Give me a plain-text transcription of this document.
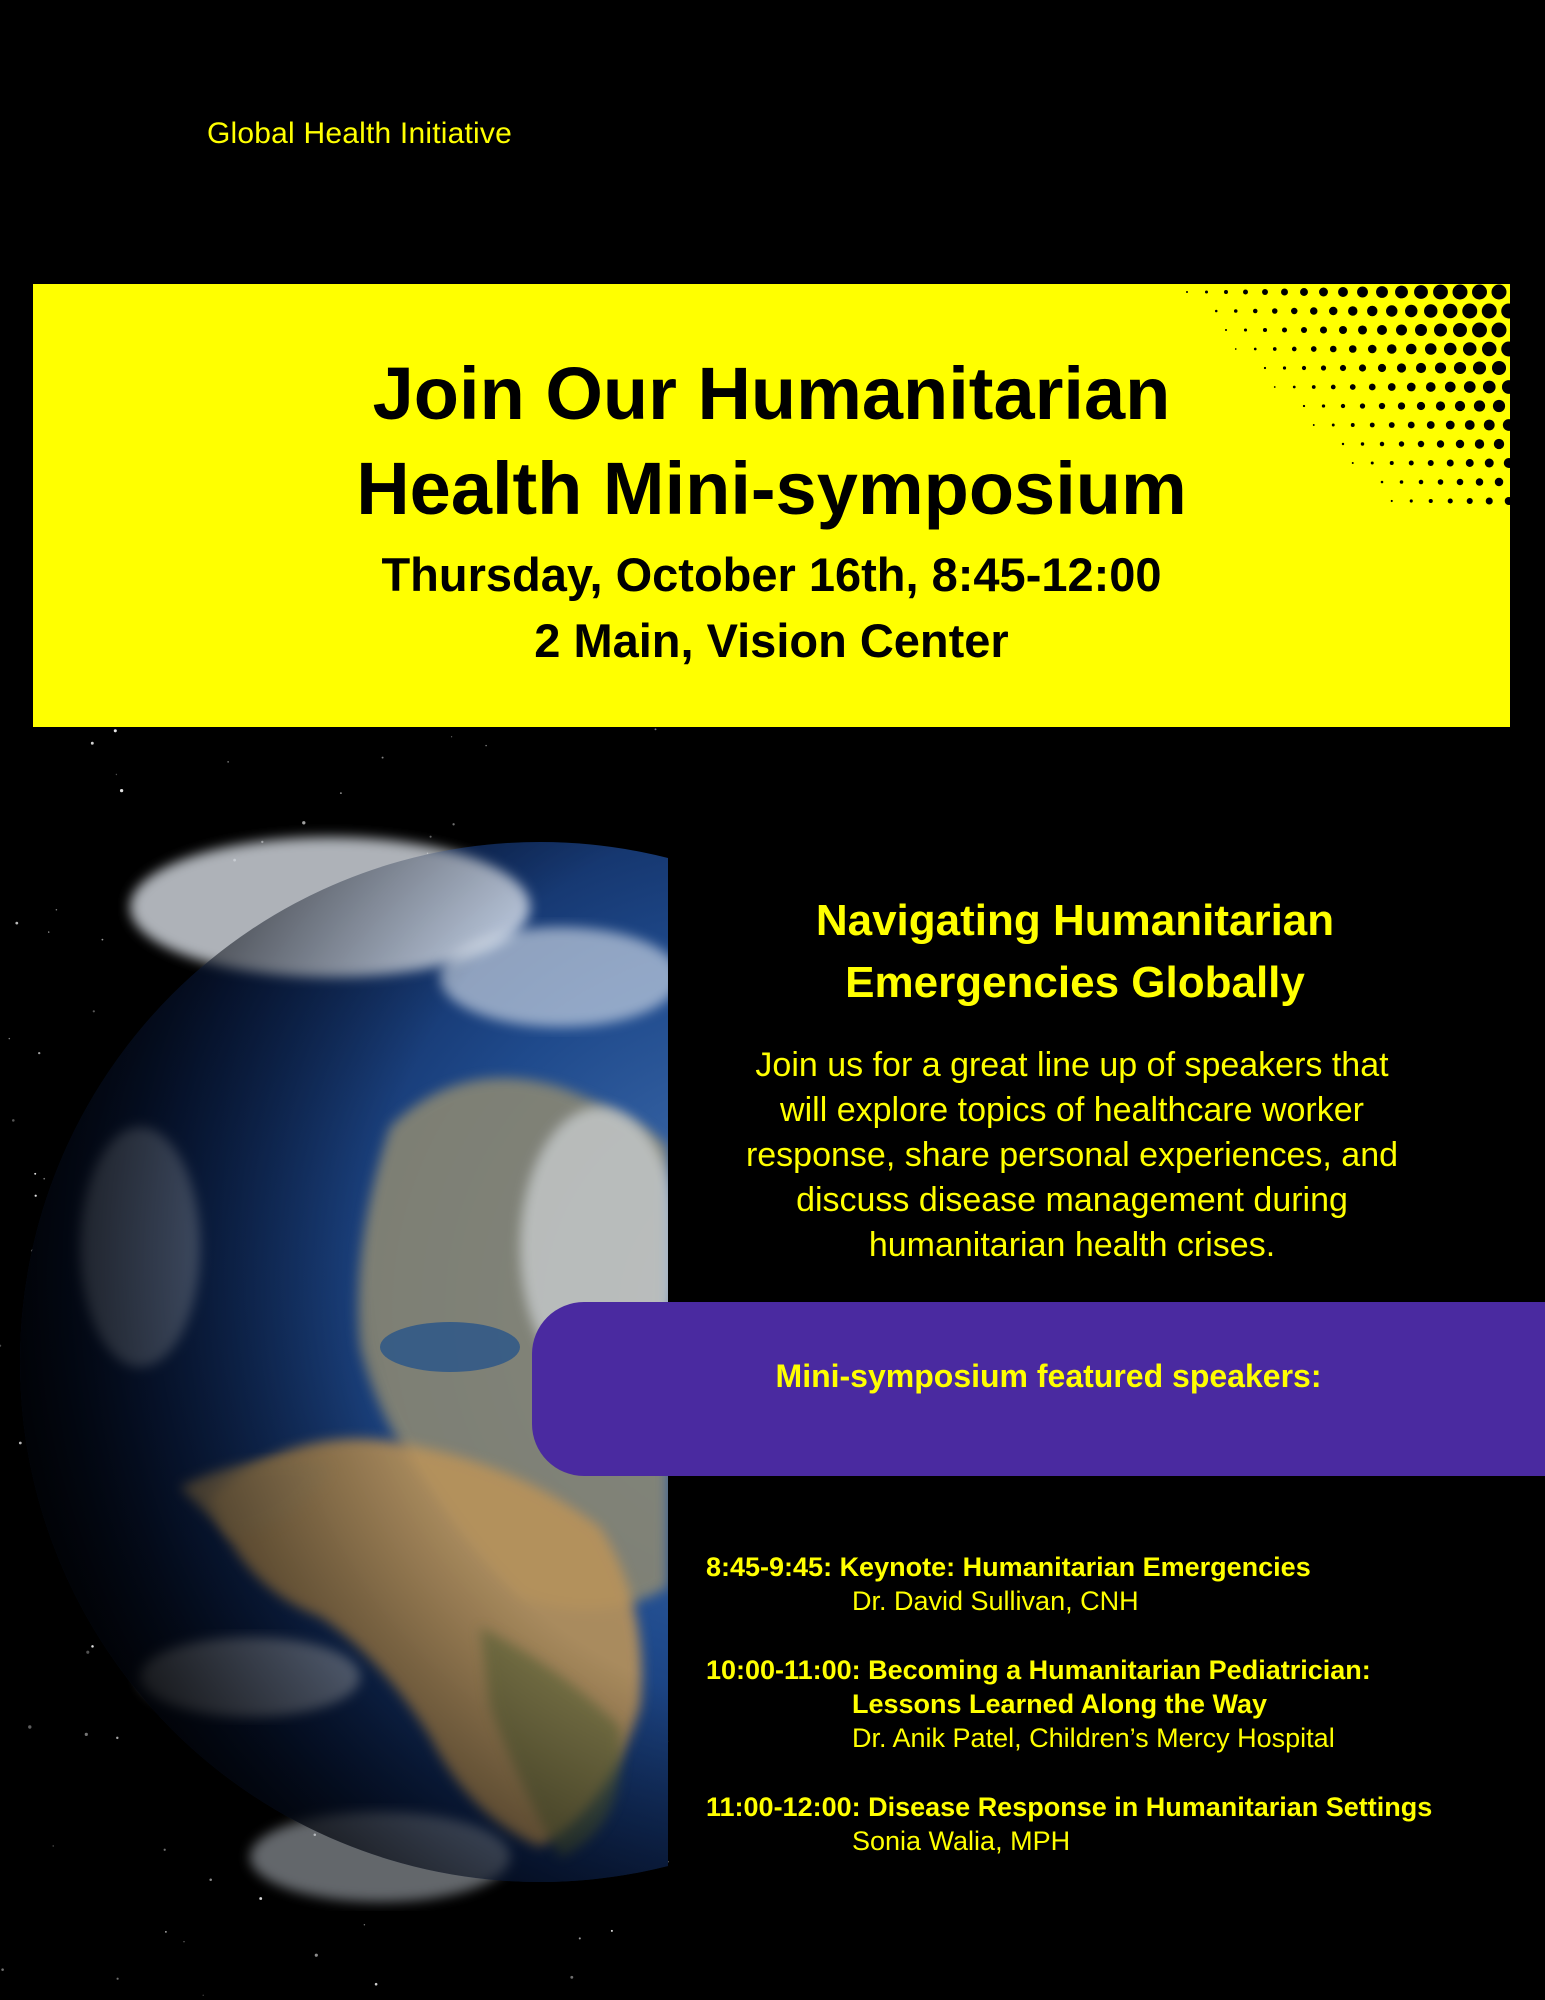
Global Health Initiative

Join Our Humanitarian
Health Mini-symposium

Thursday, October 16th, 8:45-12:00

2 Main, Vision Center

Navigating Humanitarian
Emergencies Globally
Join us for a great line up of speakers that
will explore topics of healthcare worker
response, share personal experiences, and
discuss disease management during
humanitarian health crises.
Mini-symposium featured speakers:
8:45-9:45: Keynote: Humanitarian Emergencies
Dr. David Sullivan, CNH
10:00-11:00: Becoming a Humanitarian Pediatrician:
Lessons Learned Along the Way
Dr. Anik Patel, Children’s Mercy Hospital
11:00-12:00: Disease Response in Humanitarian Settings
Sonia Walia, MPH
